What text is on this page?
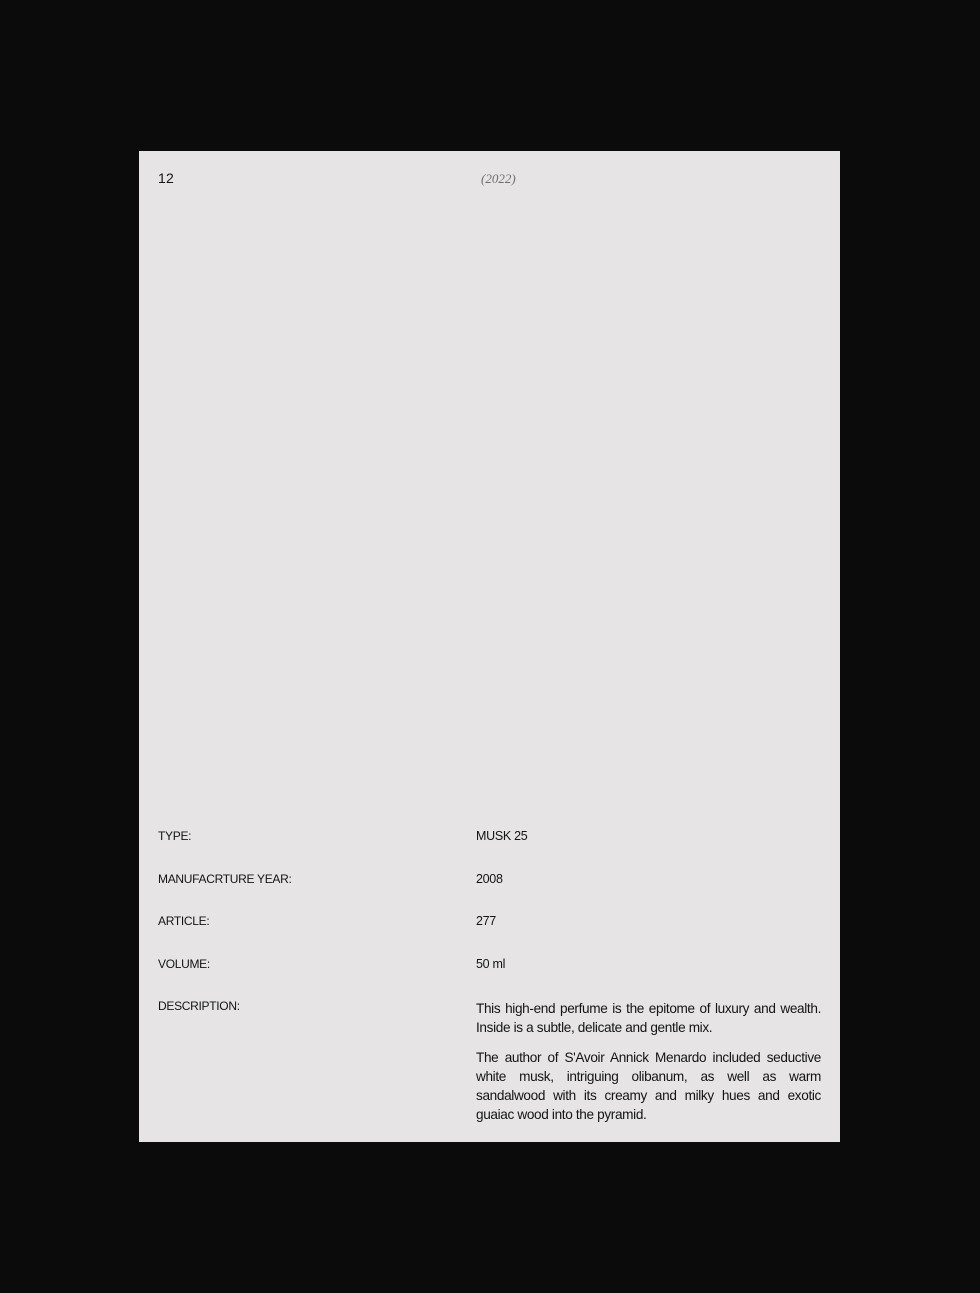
12	(2022)
TYPE:	MUSK 25
MANUFACRTURE YEAR:	2008
ARTICLE:	277
VOLUME:	50 ml
DESCRIPTION:	This high-end perfume is the epitome of luxury and wealth. Inside is a subtle, delicate and gentle mix.

The author of S'Avoir Annick Menardo included seductive white musk, intriguing olibanum, as well as warm sandalwood with its creamy and milky hues and exotic guaiac wood into the pyramid.
